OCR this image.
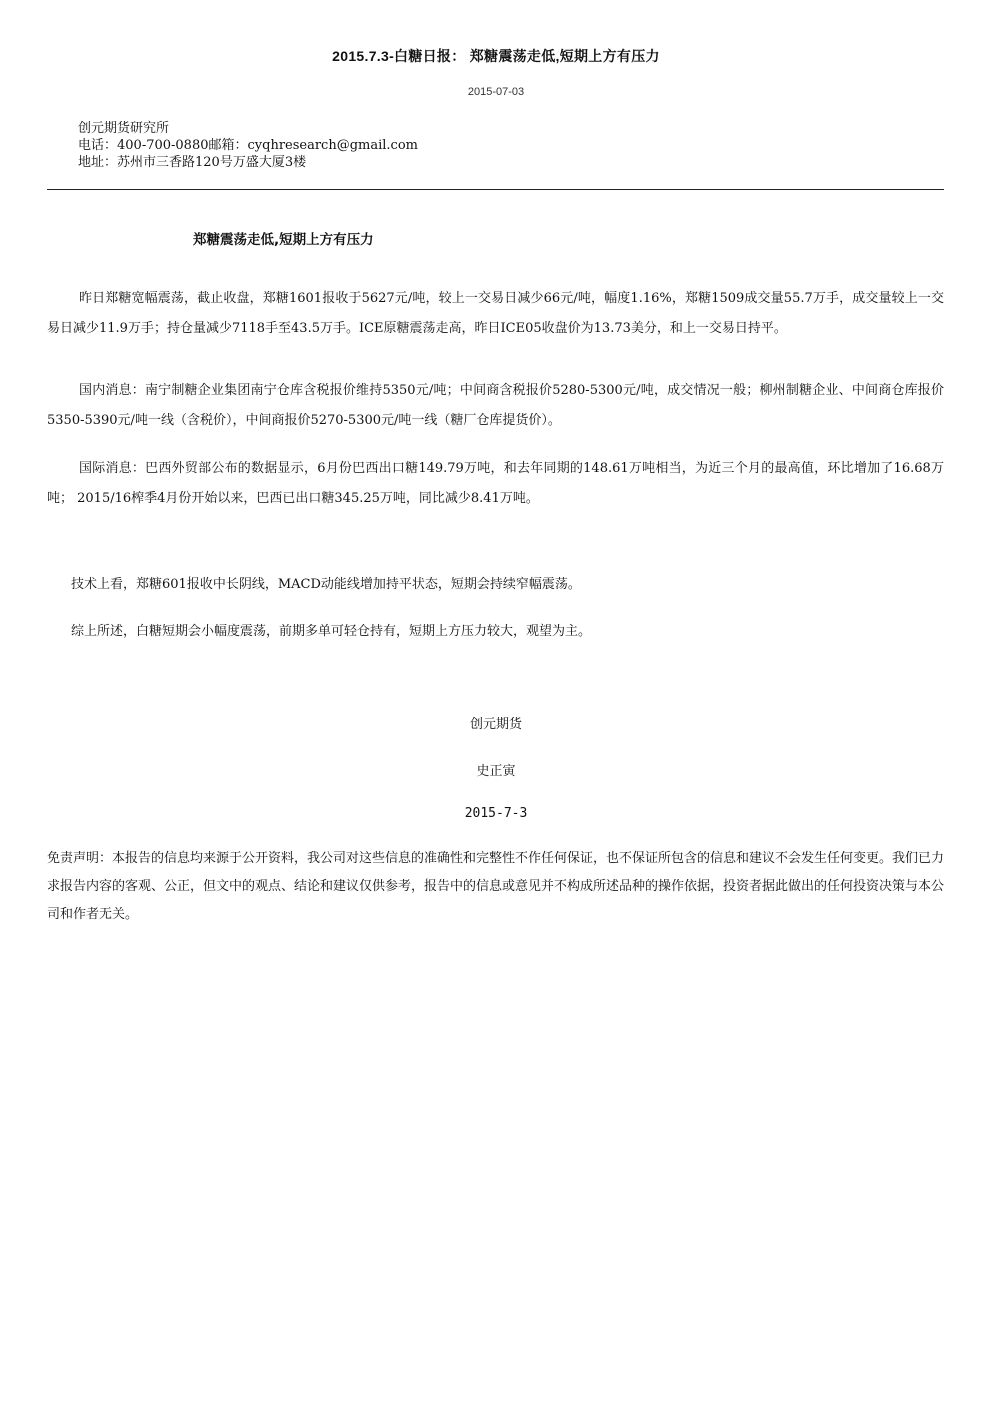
2015.7.3-白糖日报： 郑糖震荡走低,短期上方有压力
2015-07-03
创元期货研究所
电话：400-700-0880邮箱：cyqhresearch@gmail.com
地址：苏州市三香路120号万盛大厦3楼
郑糖震荡走低,短期上方有压力
昨日郑糖宽幅震荡，截止收盘，郑糖1601报收于5627元/吨，较上一交易日减少66元/吨，幅度1.16%，郑糖1509成交量55.7万手，成交量较上一交易日减少11.9万手；持仓量减少7118手至43.5万手。ICE原糖震荡走高，昨日ICE05收盘价为13.73美分，和上一交易日持平。
国内消息：南宁制糖企业集团南宁仓库含税报价维持5350元/吨；中间商含税报价5280-5300元/吨，成交情况一般；柳州制糖企业、中间商仓库报价5350-5390元/吨一线（含税价），中间商报价5270-5300元/吨一线（糖厂仓库提货价）。
国际消息：巴西外贸部公布的数据显示，6月份巴西出口糖149.79万吨，和去年同期的148.61万吨相当，为近三个月的最高值，环比增加了16.68万吨； 2015/16榨季4月份开始以来，巴西已出口糖345.25万吨，同比减少8.41万吨。
技术上看，郑糖601报收中长阴线，MACD动能线增加持平状态，短期会持续窄幅震荡。
综上所述，白糖短期会小幅度震荡，前期多单可轻仓持有，短期上方压力较大，观望为主。
创元期货
史正寅
2015-7-3
免责声明：本报告的信息均来源于公开资料，我公司对这些信息的准确性和完整性不作任何保证，也不保证所包含的信息和建议不会发生任何变更。我们已力求报告内容的客观、公正，但文中的观点、结论和建议仅供参考，报告中的信息或意见并不构成所述品种的操作依据，投资者据此做出的任何投资决策与本公司和作者无关。
